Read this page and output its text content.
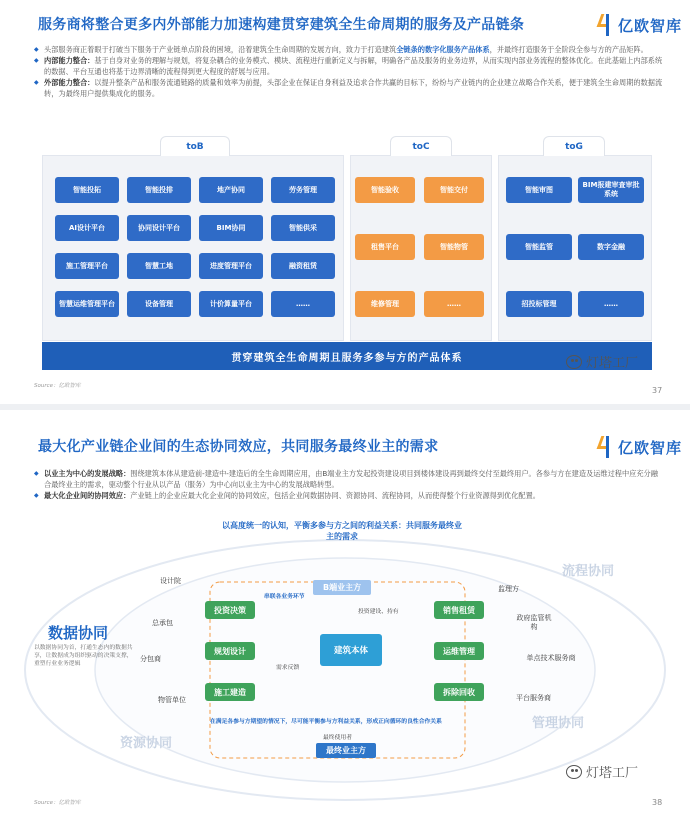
服务商将整合更多内外部能力加速构建贯穿建筑全生命周期的服务及产品链条	亿欧智库
◆ 头部服务商正着眼于打破当下服务于产业链单点阶段的困境，沿着建筑全生命周期的发展方向，致力于打造建筑全链条的数字化服务产品体系，并最终打造服务于全阶段全参与方的产品矩阵。
◆ 内部能力整合：基于自身对业务的理解与规划，将复杂耦合的业务模式、模块、流程进行重新定义与拆解，明确各产品及服务的业务边界，从而实现内部业务流程的整体优化。在此基础上内部系统的数据、平台互通也将基于边界清晰的流程得到更大程度的舒展与应用。
◆ 外部能力整合：以提升整条产品和服务流通链路的质量和效率为前提，头部企业在保证自身利益及追求合作共赢的目标下，纷纷与产业链内的企业建立战略合作关系，便于建筑全生命周期的数据流转，为最终用户提供集成化的服务。
toB	toC	toG
智能投拓	智能投排	地产协同	劳务管理
AI设计平台	协同设计平台	BIM协同	智能供采
施工管理平台	智慧工地	进度管理平台	融资租赁
智慧运维管理平台	设备管理	计价算量平台	……
智能验收	智能交付
租售平台	智能物管
维修管理	……
智能审图
BIM报建审查审批系统
智能监管	数字金融
招投标管理	……
贯穿建筑全生命周期且服务多参与方的产品体系
Source：亿欧智库
灯塔工厂
37
最大化产业链企业间的生态协同效应，共同服务最终业主的需求	亿欧智库
◆ 以业主为中心的发展战略：围绕建筑本体从建造前-建造中-建造后的全生命周期应用，由B端业主方发起投资建设项目到楼体建设再到最终交付至最终用户。各参与方在建造及运维过程中应充分融合最终业主的需求，驱动整个行业从以产品（服务）为中心向以业主为中心的发展战略转型。
◆ 最大化企业间的协同效应：产业链上的企业应最大化企业间的协同效应，包括企业间数据协同、资源协同、流程协同，从而使得整个行业资源得到优化配置。
以高度统一的认知，平衡多参与方之间的利益关系：共同服务最终业主的需求
数据协同
以数据协同为首，打通生态内的数据共享，让数据成为组织驱动的决策支撑，重塑行业业务逻辑
流程协同
资源协同
管理协同
B端业主方
串联各业务环节
投资建设、持有
投资决策
规划设计
施工建造
销售租赁
运维管理
拆除回收
建筑本体
需求反馈
在满足各参与方期望的情况下，尽可能平衡参与方利益关系，形成正向循环的良性合作关系
最终使用者
最终业主方
设计院
总承包
分包商
物管单位
监理方
政府监管机构
单点技术服务商
平台服务商
Source：亿欧智库
灯塔工厂
38
